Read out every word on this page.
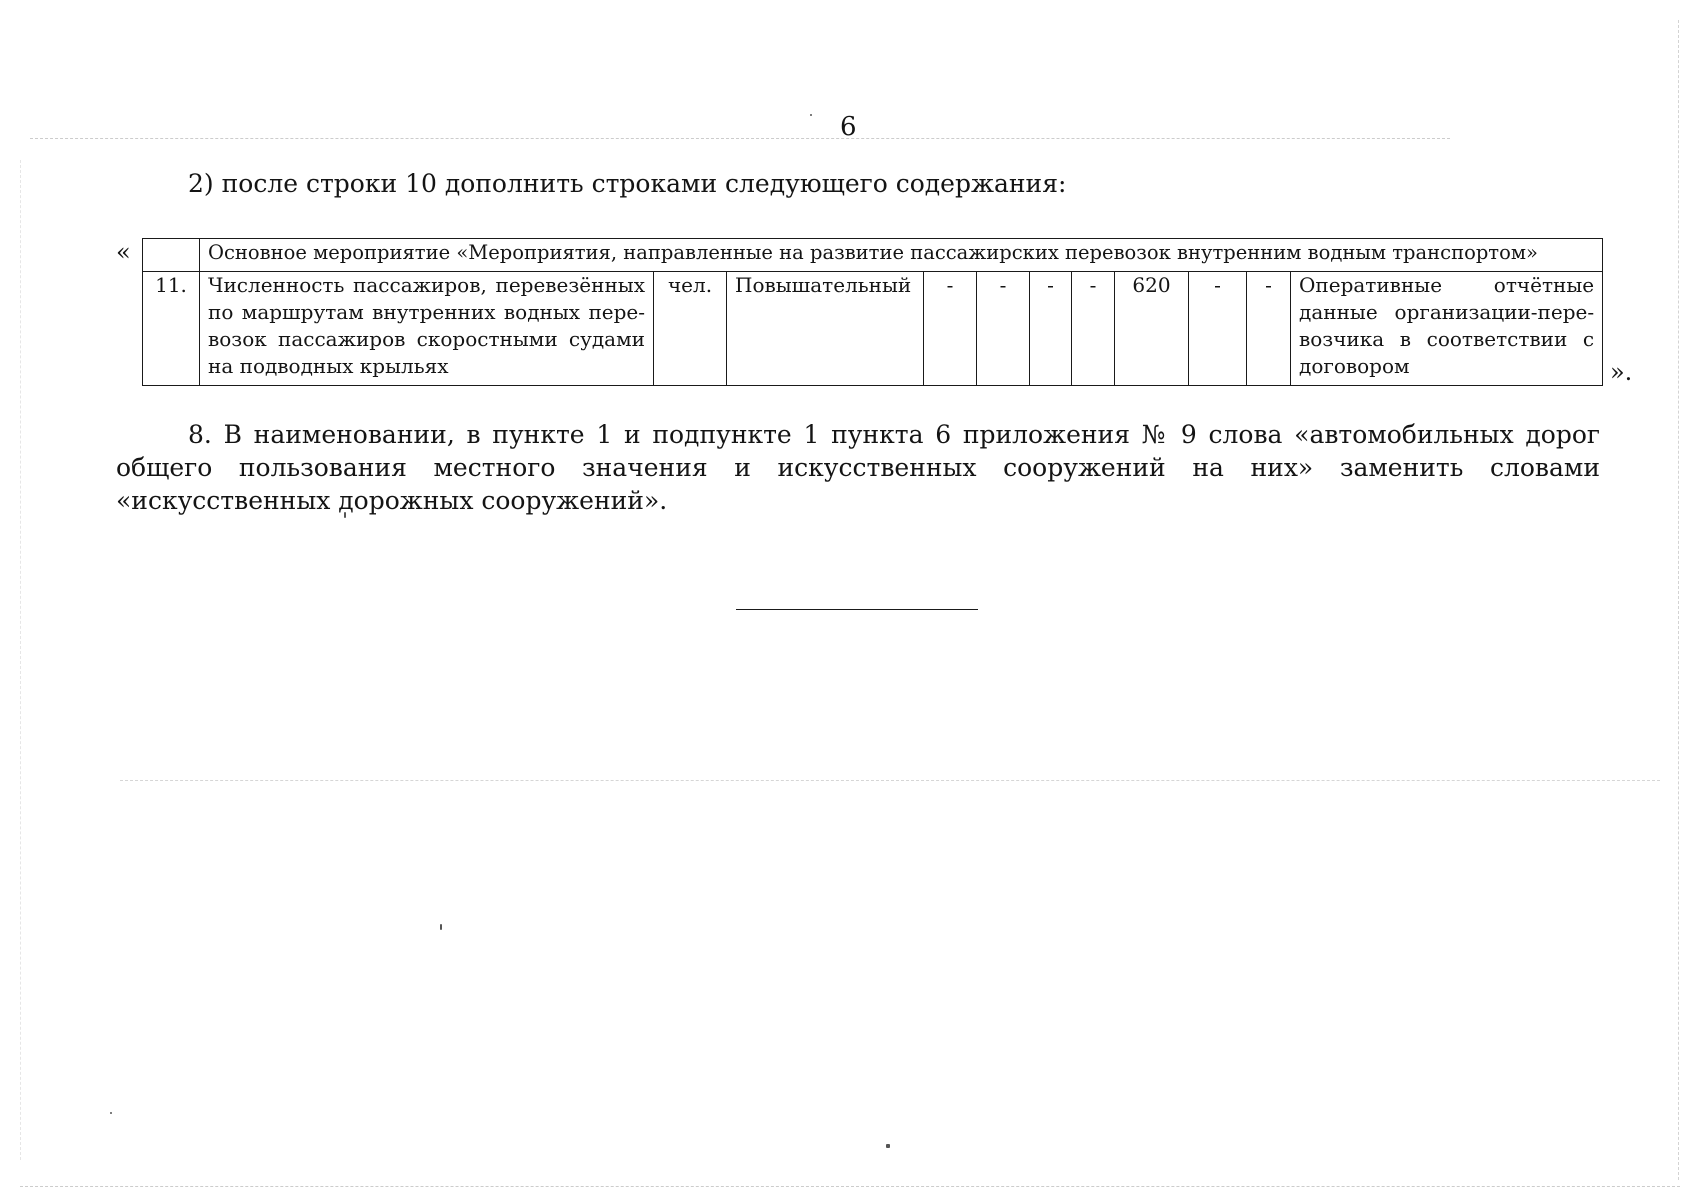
6
2) после строки 10 дополнить строками следующего содержания:
«
		Основное мероприятие «Мероприятия, направленные на развитие пассажирских перевозок внутренним водным транспортом»										
11.	Численность пассажиров, перевезённых по маршрутам внутренних водных пере-возок пассажиров скоростными судами на подводных крыльях	чел.	Повышательный	-	-	-	-	620	-	-	Оперативные отчётные данные организации-пере-возчика в соответствии с договором	».
8. В наименовании, в пункте 1 и подпункте 1 пункта 6 приложения № 9 слова «автомобильных дорог общего пользования местного значения и искусственных сооружений на них» заменить словами «искусственных дорожных сооружений».
